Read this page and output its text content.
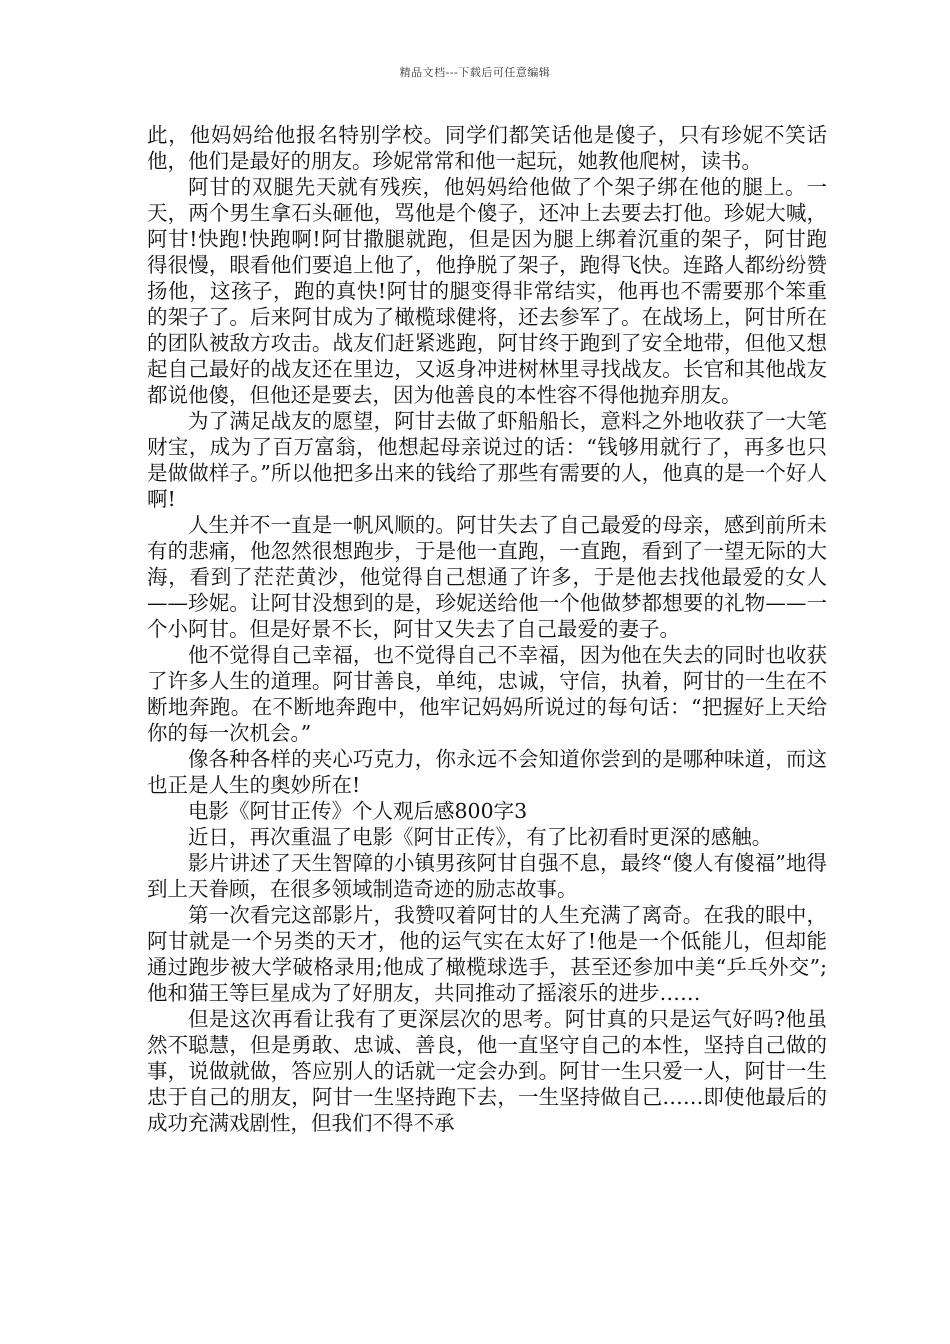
精品文档---下载后可任意编辑

此，他妈妈给他报名特别学校。同学们都笑话他是傻子，只有珍妮不笑话他，他们是最好的朋友。珍妮常常和他一起玩，她教他爬树，读书。

阿甘的双腿先天就有残疾，他妈妈给他做了个架子绑在他的腿上。一天，两个男生拿石头砸他，骂他是个傻子，还冲上去要去打他。珍妮大喊，阿甘!快跑!快跑啊!阿甘撒腿就跑，但是因为腿上绑着沉重的架子，阿甘跑得很慢，眼看他们要追上他了，他挣脱了架子，跑得飞快。连路人都纷纷赞扬他，这孩子，跑的真快!阿甘的腿变得非常结实，他再也不需要那个笨重的架子了。后来阿甘成为了橄榄球健将，还去参军了。在战场上，阿甘所在的团队被敌方攻击。战友们赶紧逃跑，阿甘终于跑到了安全地带，但他又想起自己最好的战友还在里边，又返身冲进树林里寻找战友。长官和其他战友都说他傻，但他还是要去，因为他善良的本性容不得他抛弃朋友。

为了满足战友的愿望，阿甘去做了虾船船长，意料之外地收获了一大笔财宝，成为了百万富翁，他想起母亲说过的话：“钱够用就行了，再多也只是做做样子。”所以他把多出来的钱给了那些有需要的人，他真的是一个好人啊!

人生并不一直是一帆风顺的。阿甘失去了自己最爱的母亲，感到前所未有的悲痛，他忽然很想跑步，于是他一直跑，一直跑，看到了一望无际的大海，看到了茫茫黄沙，他觉得自己想通了许多，于是他去找他最爱的女人——珍妮。让阿甘没想到的是，珍妮送给他一个他做梦都想要的礼物——一个小阿甘。但是好景不长，阿甘又失去了自己最爱的妻子。

他不觉得自己幸福，也不觉得自己不幸福，因为他在失去的同时也收获了许多人生的道理。阿甘善良，单纯，忠诚，守信，执着，阿甘的一生在不断地奔跑。在不断地奔跑中，他牢记妈妈所说过的每句话：“把握好上天给你的每一次机会。”

像各种各样的夹心巧克力，你永远不会知道你尝到的是哪种味道，而这也正是人生的奥妙所在!

电影《阿甘正传》个人观后感800字3

近日，再次重温了电影《阿甘正传》，有了比初看时更深的感触。

影片讲述了天生智障的小镇男孩阿甘自强不息，最终“傻人有傻福”地得到上天眷顾，在很多领域制造奇迹的励志故事。

第一次看完这部影片，我赞叹着阿甘的人生充满了离奇。在我的眼中，阿甘就是一个另类的天才，他的运气实在太好了!他是一个低能儿，但却能通过跑步被大学破格录用;他成了橄榄球选手，甚至还参加中美“乒乓外交”;他和猫王等巨星成为了好朋友，共同推动了摇滚乐的进步……

但是这次再看让我有了更深层次的思考。阿甘真的只是运气好吗?他虽然不聪慧，但是勇敢、忠诚、善良，他一直坚守自己的本性，坚持自己做的事，说做就做，答应别人的话就一定会办到。阿甘一生只爱一人，阿甘一生忠于自己的朋友，阿甘一生坚持跑下去，一生坚持做自己……即使他最后的成功充满戏剧性，但我们不得不承
